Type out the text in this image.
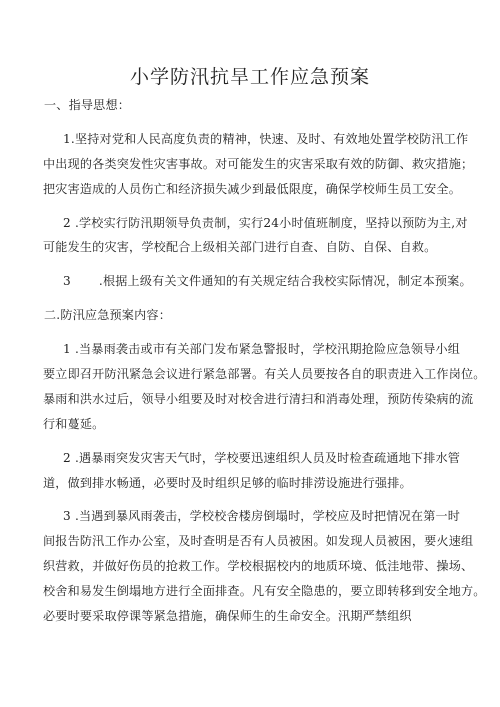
小学防汛抗旱工作应急预案
一、指导思想：
1.坚持对党和人民高度负责的精神，快速、及时、有效地处置学校防汛工作
中出现的各类突发性灾害事故。对可能发生的灾害采取有效的防御、救灾措施；
把灾害造成的人员伤亡和经济损失减少到最低限度，确保学校师生员工安全。
2 .学校实行防汛期领导负责制，实行24小时值班制度，坚持以预防为主,对
可能发生的灾害，学校配合上级相关部门进行自查、自防、自保、自救。
3 .根据上级有关文件通知的有关规定结合我校实际情况，制定本预案。
二.防汛应急预案内容：
1 .当暴雨袭击或市有关部门发布紧急警报时，学校汛期抢险应急领导小组
要立即召开防汛紧急会议进行紧急部署。有关人员要按各自的职责进入工作岗位。
暴雨和洪水过后，领导小组要及时对校舍进行清扫和消毒处理，预防传染病的流
行和蔓延。
2 .遇暴雨突发灾害天气时，学校要迅速组织人员及时检查疏通地下排水管
道，做到排水畅通，必要时及时组织足够的临时排涝设施进行强排。
3 .当遇到暴风雨袭击，学校校舍楼房倒塌时，学校应及时把情况在第一时
间报告防汛工作办公室，及时查明是否有人员被困。如发现人员被困，要火速组
织营救，并做好伤员的抢救工作。学校根据校内的地质环境、低洼地带、操场、
校舍和易发生倒塌地方进行全面排查。凡有安全隐患的，要立即转移到安全地方。
必要时要采取停课等紧急措施，确保师生的生命安全。汛期严禁组织
